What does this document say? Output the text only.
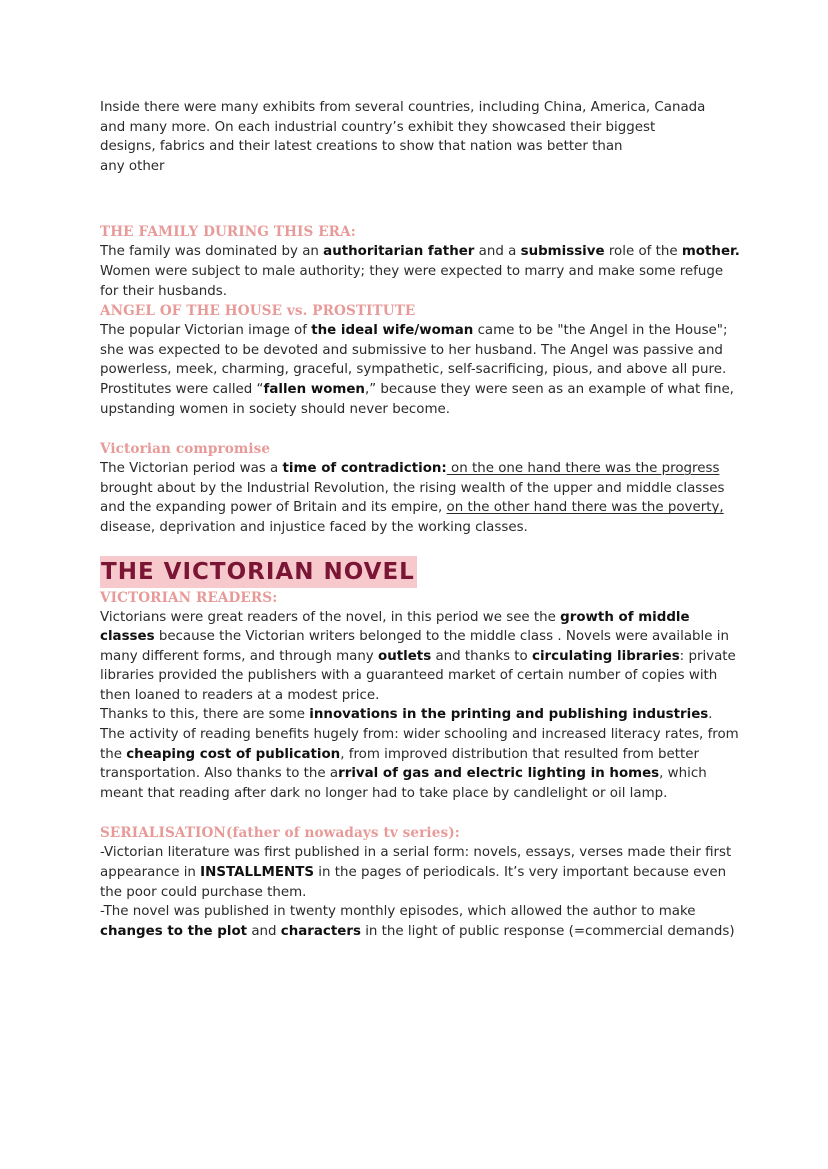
Inside there were many exhibits from several countries, including China, America, Canada
and many more. On each industrial country’s exhibit they showcased their biggest
designs, fabrics and their latest creations to show that nation was better than
any other
THE FAMILY DURING THIS ERA:

The family was dominated by an authoritarian father and a submissive role of the mother. Women were subject to male authority; they were expected to marry and make some refuge for their husbands.

ANGEL OF THE HOUSE vs. PROSTITUTE

The popular Victorian image of the ideal wife/woman came to be "the Angel in the House"; she was expected to be devoted and submissive to her husband. The Angel was passive and powerless, meek, charming, graceful, sympathetic, self-sacrificing, pious, and above all pure.

Prostitutes were called “fallen women,” because they were seen as an example of what fine, upstanding women in society should never become.

Victorian compromise

The Victorian period was a time of contradiction: on the one hand there was the progress brought about by the Industrial Revolution, the rising wealth of the upper and middle classes and the expanding power of Britain and its empire, on the other hand there was the poverty, disease, deprivation and injustice faced by the working classes.

THE VICTORIAN NOVEL
VICTORIAN READERS:

Victorians were great readers of the novel, in this period we see the growth of middle classes because the Victorian writers belonged to the middle class . Novels were available in many different forms, and through many outlets and thanks to circulating libraries: private libraries provided the publishers with a guaranteed market of certain number of copies with then loaned to readers at a modest price.

Thanks to this, there are some innovations in the printing and publishing industries.

The activity of reading benefits hugely from: wider schooling and increased literacy rates, from the cheaping cost of publication, from improved distribution that resulted from better transportation. Also thanks to the arrival of gas and electric lighting in homes, which meant that reading after dark no longer had to take place by candlelight or oil lamp.

SERIALISATION(father of nowadays tv series):

-Victorian literature was first published in a serial form: novels, essays, verses made their first appearance in INSTALLMENTS in the pages of periodicals. It’s very important because even the poor could purchase them.

-The novel was published in twenty monthly episodes, which allowed the author to make changes to the plot and characters in the light of public response (=commercial demands)
